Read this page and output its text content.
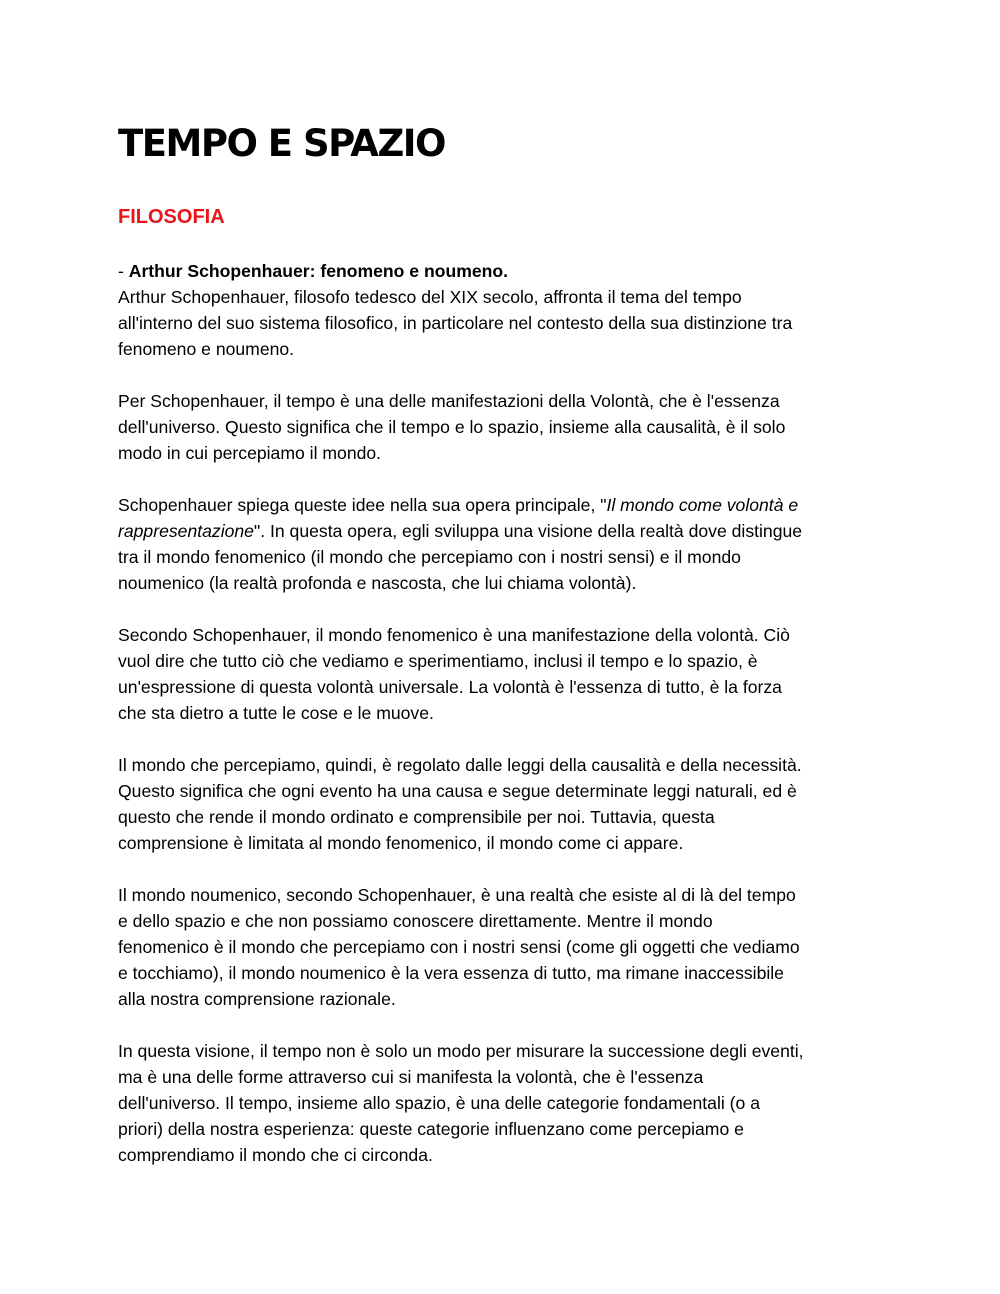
TEMPO E SPAZIO
FILOSOFIA

- Arthur Schopenhauer: fenomeno e noumeno.
Arthur Schopenhauer, filosofo tedesco del XIX secolo, affronta il tema del tempo
all'interno del suo sistema filosofico, in particolare nel contesto della sua distinzione tra
fenomeno e noumeno.

Per Schopenhauer, il tempo è una delle manifestazioni della Volontà, che è l'essenza
dell'universo. Questo significa che il tempo e lo spazio, insieme alla causalità, è il solo
modo in cui percepiamo il mondo.

Schopenhauer spiega queste idee nella sua opera principale, "Il mondo come volontà e
rappresentazione". In questa opera, egli sviluppa una visione della realtà dove distingue
tra il mondo fenomenico (il mondo che percepiamo con i nostri sensi) e il mondo
noumenico (la realtà profonda e nascosta, che lui chiama volontà).

Secondo Schopenhauer, il mondo fenomenico è una manifestazione della volontà. Ciò
vuol dire che tutto ciò che vediamo e sperimentiamo, inclusi il tempo e lo spazio, è
un'espressione di questa volontà universale. La volontà è l'essenza di tutto, è la forza
che sta dietro a tutte le cose e le muove.

Il mondo che percepiamo, quindi, è regolato dalle leggi della causalità e della necessità.
Questo significa che ogni evento ha una causa e segue determinate leggi naturali, ed è
questo che rende il mondo ordinato e comprensibile per noi. Tuttavia, questa
comprensione è limitata al mondo fenomenico, il mondo come ci appare.

Il mondo noumenico, secondo Schopenhauer, è una realtà che esiste al di là del tempo
e dello spazio e che non possiamo conoscere direttamente. Mentre il mondo
fenomenico è il mondo che percepiamo con i nostri sensi (come gli oggetti che vediamo
e tocchiamo), il mondo noumenico è la vera essenza di tutto, ma rimane inaccessibile
alla nostra comprensione razionale.

In questa visione, il tempo non è solo un modo per misurare la successione degli eventi,
ma è una delle forme attraverso cui si manifesta la volontà, che è l'essenza
dell'universo. Il tempo, insieme allo spazio, è una delle categorie fondamentali (o a
priori) della nostra esperienza: queste categorie influenzano come percepiamo e
comprendiamo il mondo che ci circonda.
